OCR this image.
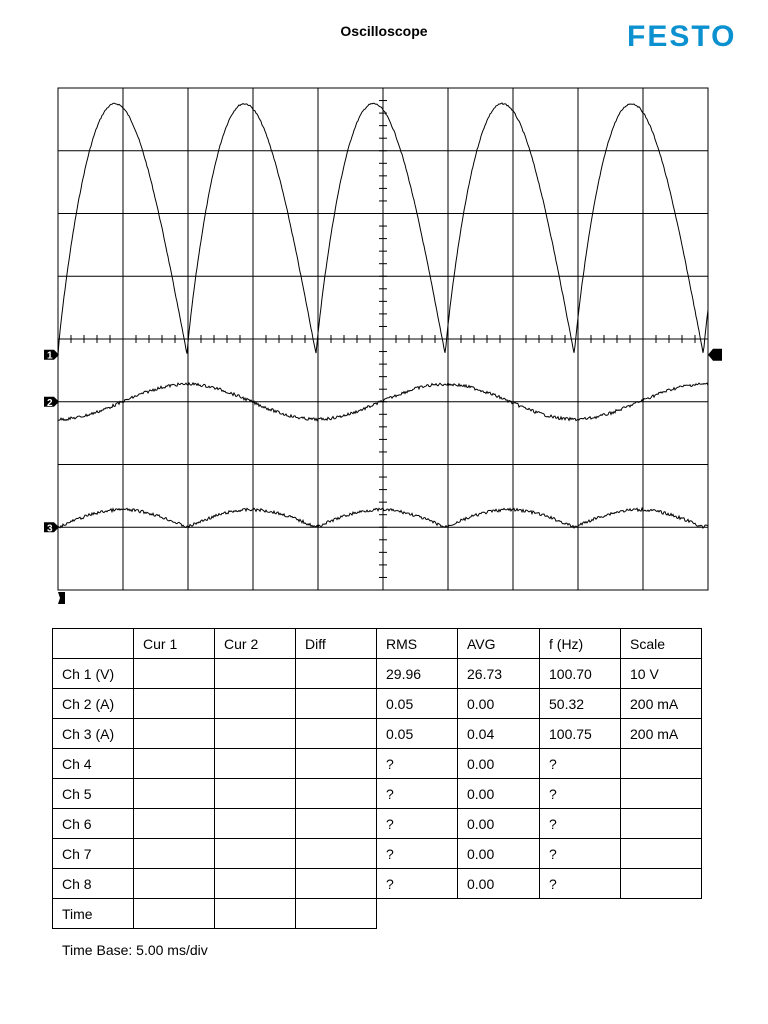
Oscilloscope	FESTO
1
2
3
	Cur 1	Cur 2	Diff	RMS	AVG	f (Hz)	Scale
Ch 1 (V)				29.96	26.73	100.70	10 V
Ch 2 (A)				0.05	0.00	50.32	200 mA
Ch 3 (A)				0.05	0.04	100.75	200 mA
Ch 4				?	0.00	?	
Ch 5				?	0.00	?	
Ch 6				?	0.00	?	
Ch 7				?	0.00	?	
Ch 8				?	0.00	?	
Time							
Time Base: 5.00 ms/div
